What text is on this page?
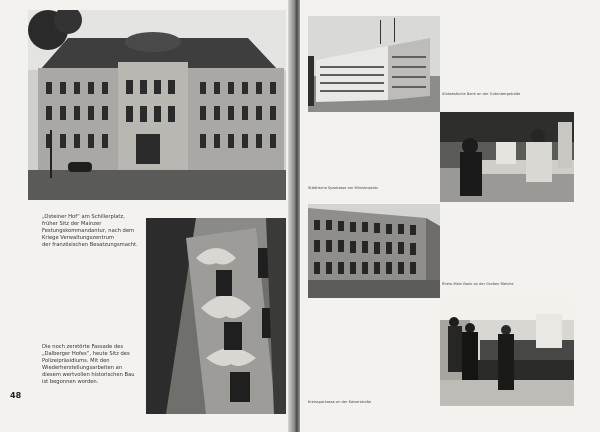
„Osteiner Hof“ am Schillerplatz,
früher Sitz der Mainzer
Festungskommandantur, nach dem
Kriege Verwaltungszentrum
der französischen Besatzungsmacht.
Die noch zerstörte Fassade des
„Dalberger Hofes“, heute Sitz des
Polizeipräsidiums. Mit den
Wiederherstellungsarbeiten an
diesem wertvollen historischen Bau
ist begonnen worden.
48
Südwestliche Bank an der Gutenbergstraße
Städtische Sparkasse am Münsterplatz
Rhein-Main Bank an der Großen Bleiche
Kreissparkasse an der Kaiserstraße
